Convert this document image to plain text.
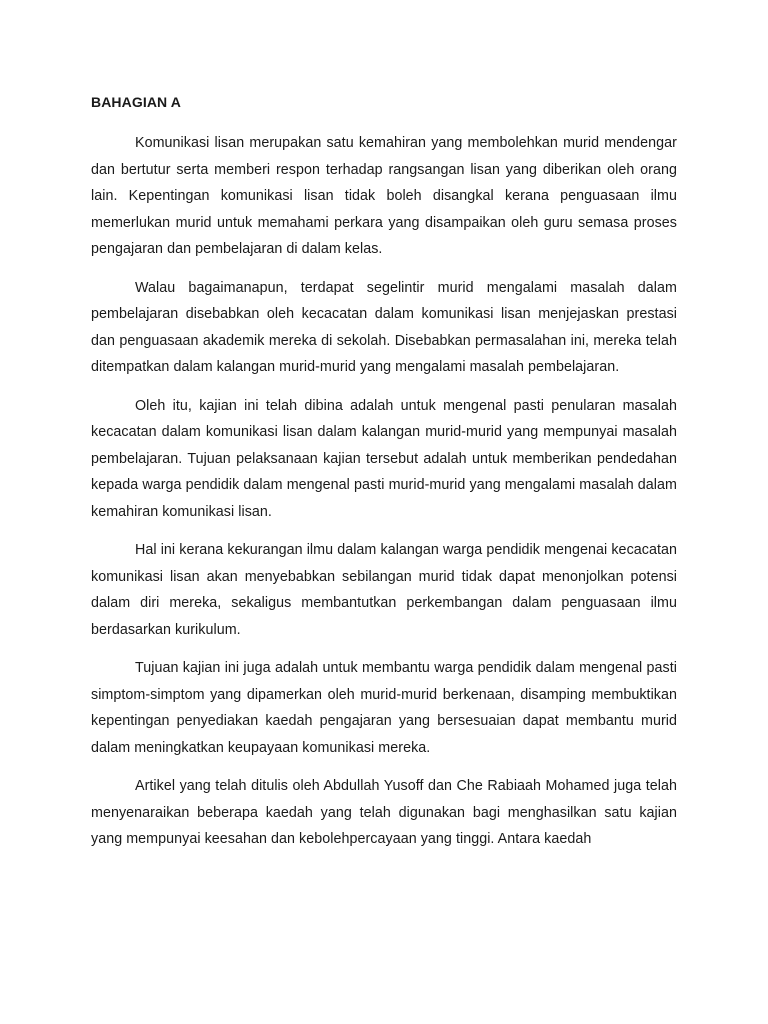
BAHAGIAN A

Komunikasi lisan merupakan satu kemahiran yang membolehkan murid mendengar dan bertutur serta memberi respon terhadap rangsangan lisan yang diberikan oleh orang lain. Kepentingan komunikasi lisan tidak boleh disangkal kerana penguasaan ilmu memerlukan murid untuk memahami perkara yang disampaikan oleh guru semasa proses pengajaran dan pembelajaran di dalam kelas.

Walau bagaimanapun, terdapat segelintir murid mengalami masalah dalam pembelajaran disebabkan oleh kecacatan dalam komunikasi lisan menjejaskan prestasi dan penguasaan akademik mereka di sekolah. Disebabkan permasalahan ini, mereka telah ditempatkan dalam kalangan murid-murid yang mengalami masalah pembelajaran.

Oleh itu, kajian ini telah dibina adalah untuk mengenal pasti penularan masalah kecacatan dalam komunikasi lisan dalam kalangan murid-murid yang mempunyai masalah pembelajaran. Tujuan pelaksanaan kajian tersebut adalah untuk memberikan pendedahan kepada warga pendidik dalam mengenal pasti murid-murid yang mengalami masalah dalam kemahiran komunikasi lisan.

Hal ini kerana kekurangan ilmu dalam kalangan warga pendidik mengenai kecacatan komunikasi lisan akan menyebabkan sebilangan murid tidak dapat menonjolkan potensi dalam diri mereka, sekaligus membantutkan perkembangan dalam penguasaan ilmu berdasarkan kurikulum.

Tujuan kajian ini juga adalah untuk membantu warga pendidik dalam mengenal pasti simptom-simptom yang dipamerkan oleh murid-murid berkenaan, disamping membuktikan kepentingan penyediakan kaedah pengajaran yang bersesuaian dapat membantu murid dalam meningkatkan keupayaan komunikasi mereka.

Artikel yang telah ditulis oleh Abdullah Yusoff dan Che Rabiaah Mohamed juga telah menyenaraikan beberapa kaedah yang telah digunakan bagi menghasilkan satu kajian yang mempunyai keesahan dan kebolehpercayaan yang tinggi. Antara kaedah
